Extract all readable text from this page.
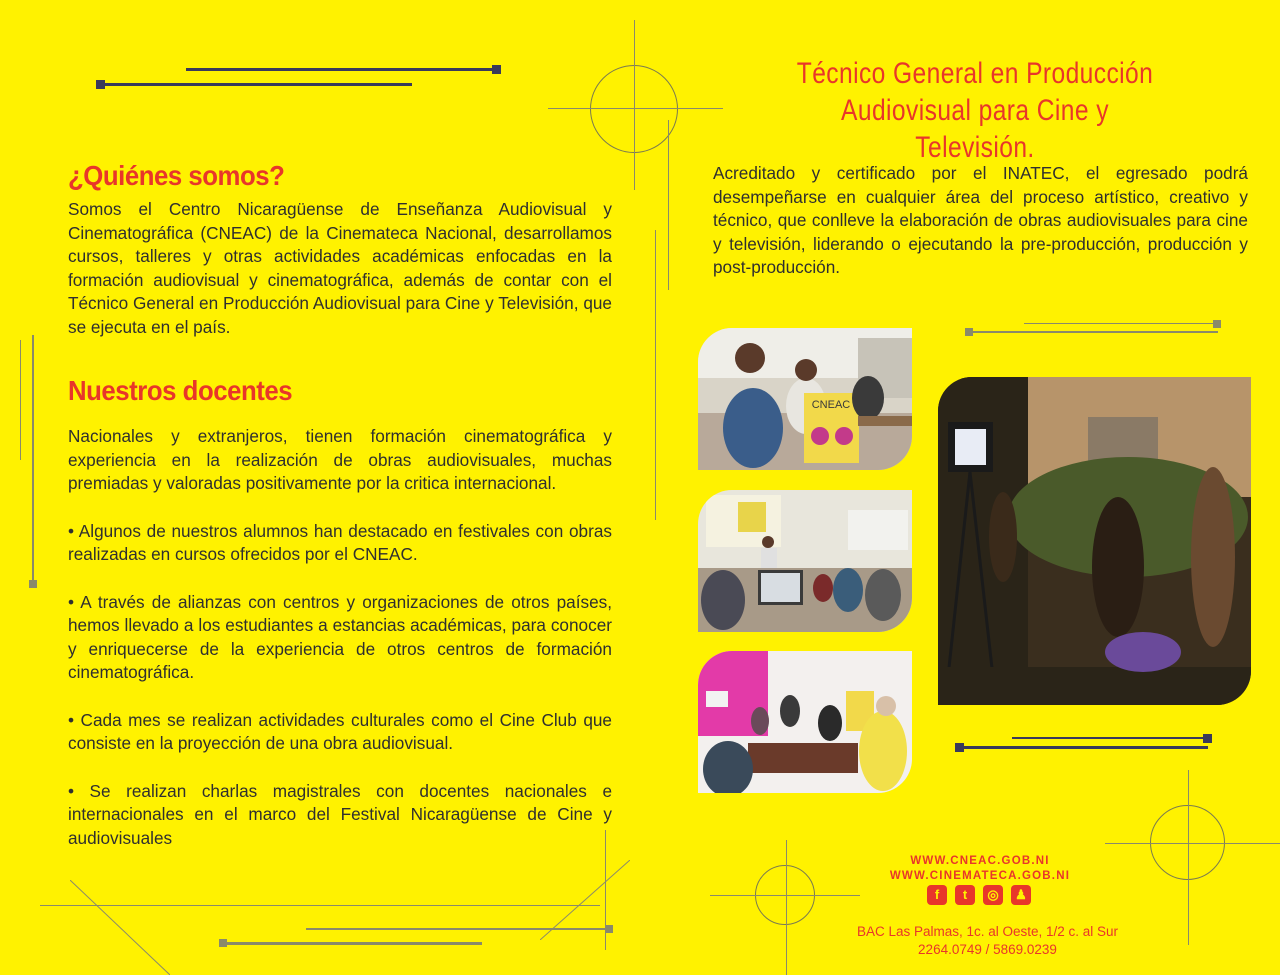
¿Quiénes somos?

Somos el Centro Nicaragüense de Enseñanza Audiovisual y Cinematográfica (CNEAC) de la Cinemateca Nacional, desarrollamos cursos, talleres y otras actividades académicas enfocadas en la formación audiovisual y cinematográfica, además de contar con el Técnico General en Producción Audiovisual para Cine y Televisión, que se ejecuta en el país.

Nuestros docentes

Nacionales y extranjeros, tienen formación cinematográfica y experiencia en la realización de obras audiovisuales, muchas premiadas y valoradas positivamente por la critica internacional.

• Algunos de nuestros alumnos han destacado en festivales con obras realizadas en cursos ofrecidos por el CNEAC.

• A través de alianzas con centros y organizaciones de otros países, hemos llevado a los estudiantes a estancias académicas, para conocer y enriquecerse de la experiencia de otros centros de formación cinematográfica.

• Cada mes se realizan actividades culturales como el Cine Club que consiste en la proyección de una obra audiovisual.

• Se realizan charlas magistrales con docentes nacionales e internacionales en el marco del Festival Nicaragüense de Cine y audiovisuales

Técnico General en Producción
Audiovisual para Cine y Televisión.

Acreditado y certificado por el INATEC, el egresado podrá desempeñarse en cualquier área del proceso artístico, creativo y técnico, que conlleve la elaboración de obras audiovisuales para cine y televisión, liderando o ejecutando la pre-producción, producción y post-producción.

CNEAC
WWW.CNEAC.GOB.NI
WWW.CINEMATECA.GOB.NI
f	t	◎	♟
BAC Las Palmas, 1c. al Oeste, 1/2 c. al Sur
2264.0749 / 5869.0239
